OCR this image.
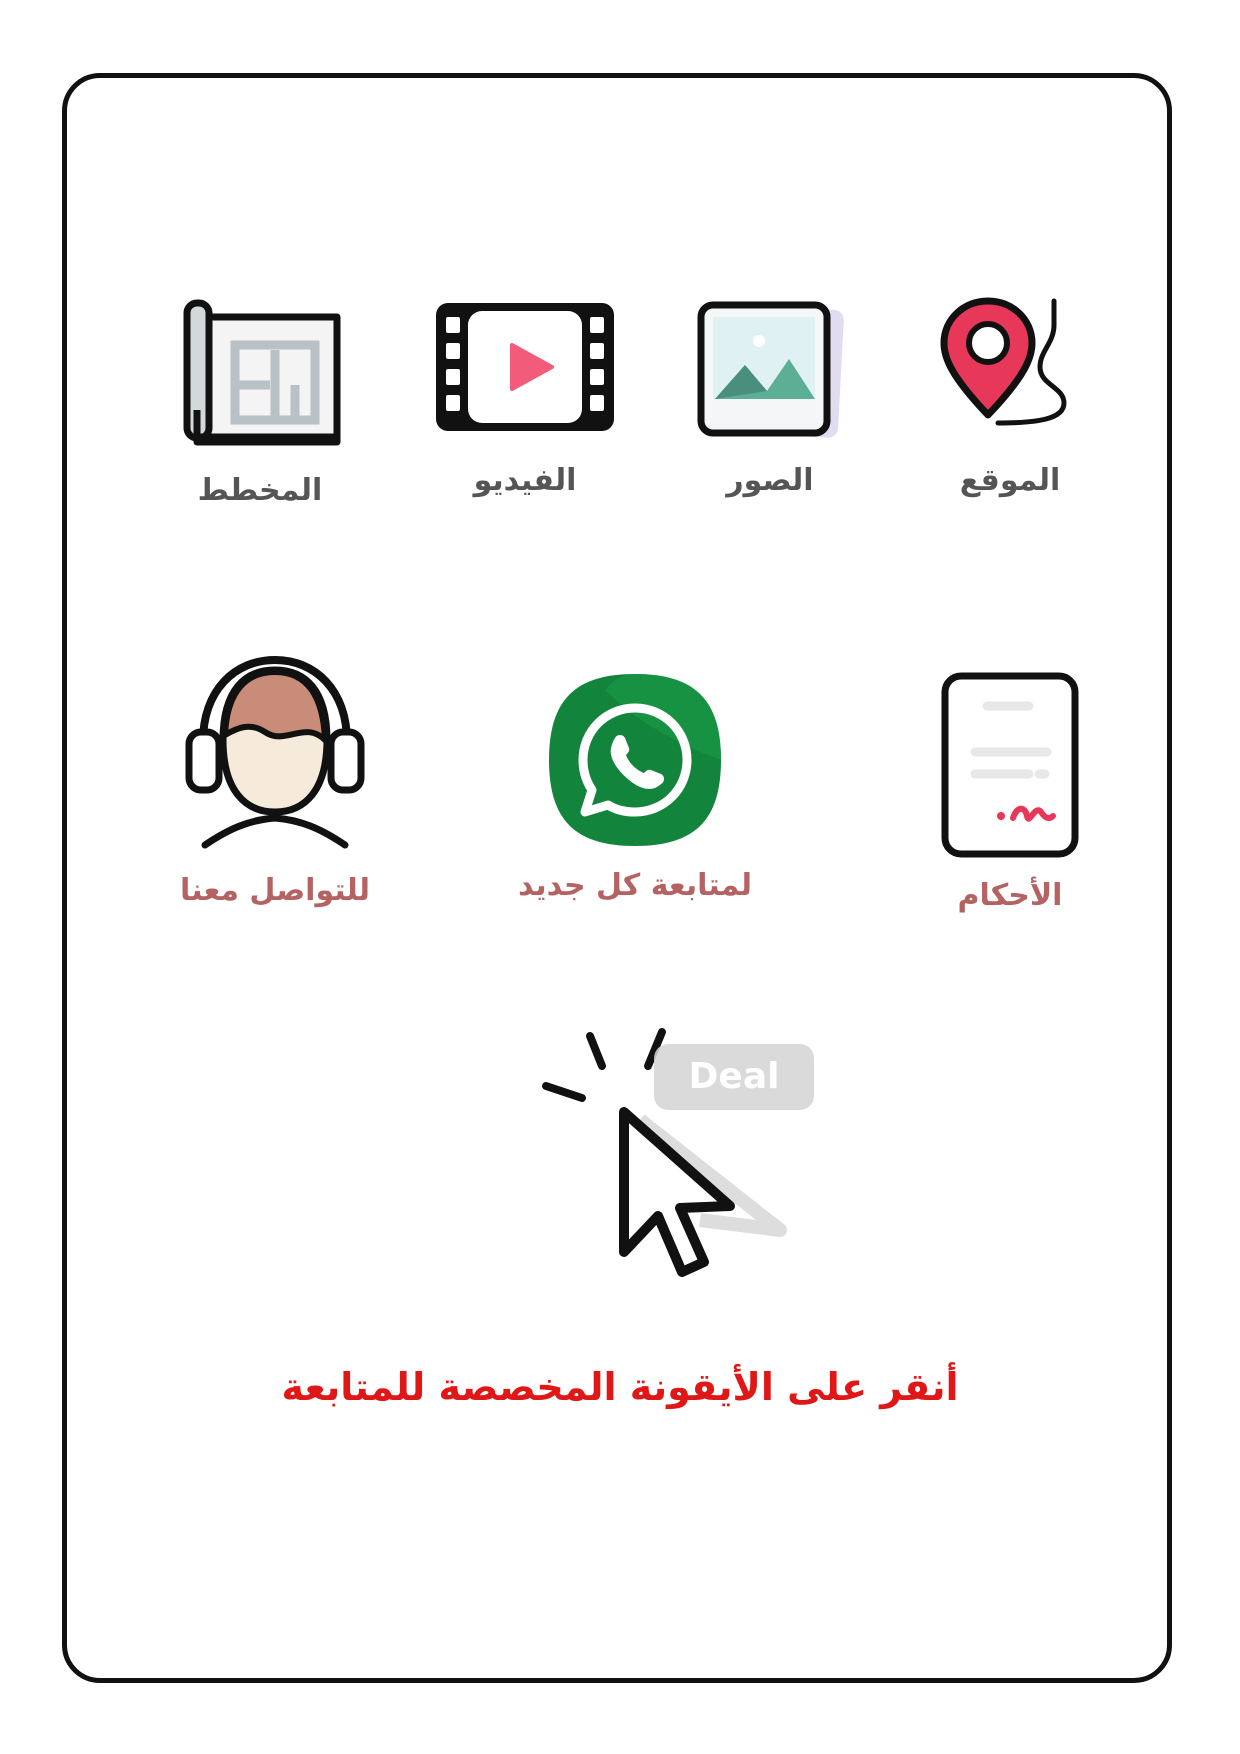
المخطط	الفيديو	الصور	الموقع
للتواصل معنا	لمتابعة كل جديد	الأحكام
Deal
أنقر على الأيقونة المخصصة للمتابعة
